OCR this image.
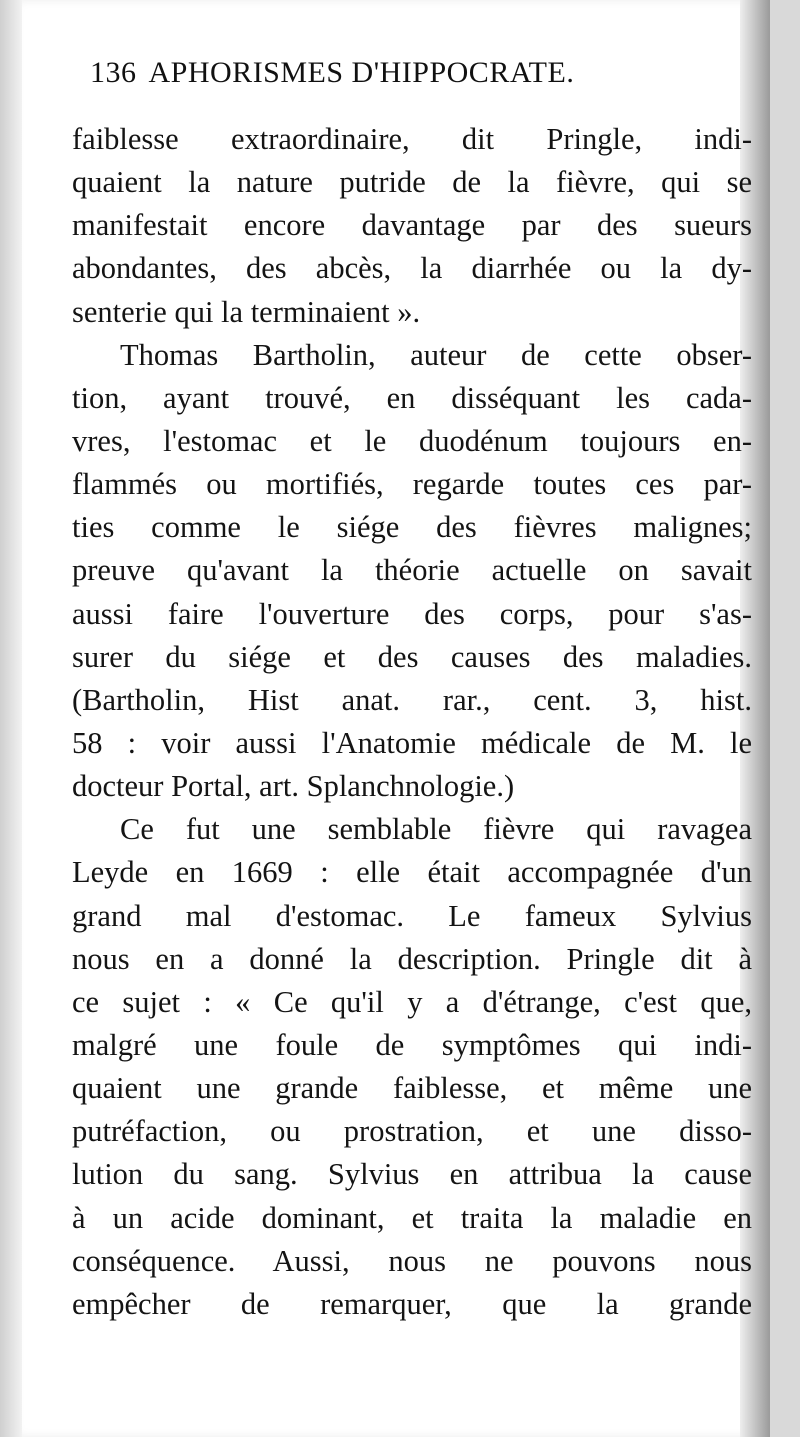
136 APHORISMES D'HIPPOCRATE.
faiblesse extraordinaire, dit Pringle, indi-
quaient la nature putride de la fièvre, qui se
manifestait encore davantage par des sueurs
abondantes, des abcès, la diarrhée ou la dy-
senterie qui la terminaient ».
Thomas Bartholin, auteur de cette obser-
tion, ayant trouvé, en disséquant les cada-
vres, l'estomac et le duodénum toujours en-
flammés ou mortifiés, regarde toutes ces par-
ties comme le siége des fièvres malignes;
preuve qu'avant la théorie actuelle on savait
aussi faire l'ouverture des corps, pour s'as-
surer du siége et des causes des maladies.
(Bartholin, Hist anat. rar., cent. 3, hist.
58 : voir aussi l'Anatomie médicale de M. le
docteur Portal, art. Splanchnologie.)
Ce fut une semblable fièvre qui ravagea
Leyde en 1669 : elle était accompagnée d'un
grand mal d'estomac. Le fameux Sylvius
nous en a donné la description. Pringle dit à
ce sujet : « Ce qu'il y a d'étrange, c'est que,
malgré une foule de symptômes qui indi-
quaient une grande faiblesse, et même une
putréfaction, ou prostration, et une disso-
lution du sang. Sylvius en attribua la cause
à un acide dominant, et traita la maladie en
conséquence. Aussi, nous ne pouvons nous
empêcher de remarquer, que la grande
